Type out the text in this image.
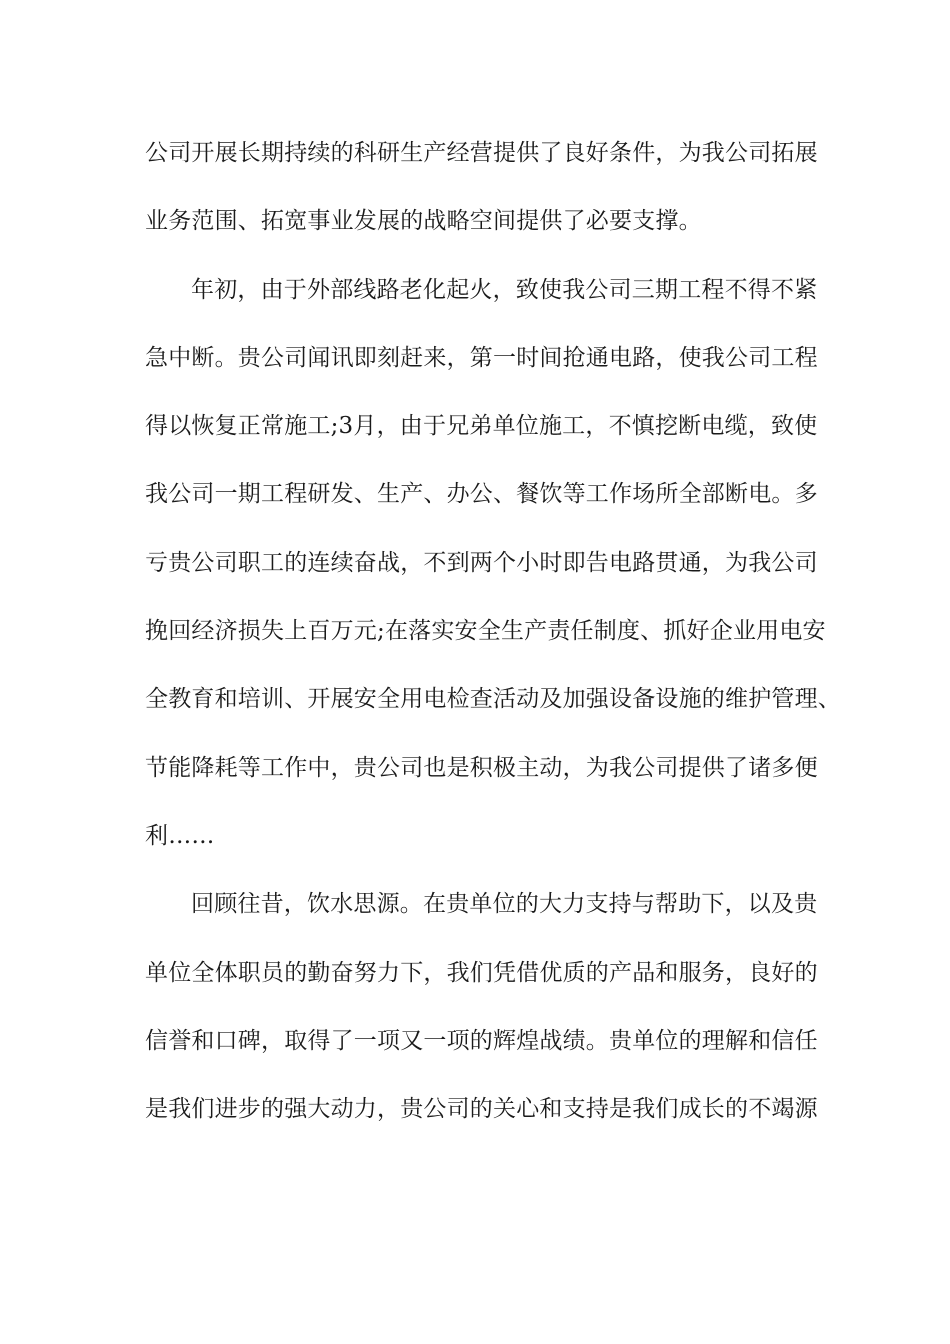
公司开展长期持续的科研生产经营提供了良好条件，为我公司拓展
业务范围、拓宽事业发展的战略空间提供了必要支撑。
年初，由于外部线路老化起火，致使我公司三期工程不得不紧
急中断。贵公司闻讯即刻赶来，第一时间抢通电路，使我公司工程
得以恢复正常施工;3月，由于兄弟单位施工，不慎挖断电缆，致使
我公司一期工程研发、生产、办公、餐饮等工作场所全部断电。多
亏贵公司职工的连续奋战，不到两个小时即告电路贯通，为我公司
挽回经济损失上百万元;在落实安全生产责任制度、抓好企业用电安
全教育和培训、开展安全用电检查活动及加强设备设施的维护管理、
节能降耗等工作中，贵公司也是积极主动，为我公司提供了诸多便
利……
回顾往昔，饮水思源。在贵单位的大力支持与帮助下，以及贵
单位全体职员的勤奋努力下，我们凭借优质的产品和服务，良好的
信誉和口碑，取得了一项又一项的辉煌战绩。贵单位的理解和信任
是我们进步的强大动力，贵公司的关心和支持是我们成长的不竭源
